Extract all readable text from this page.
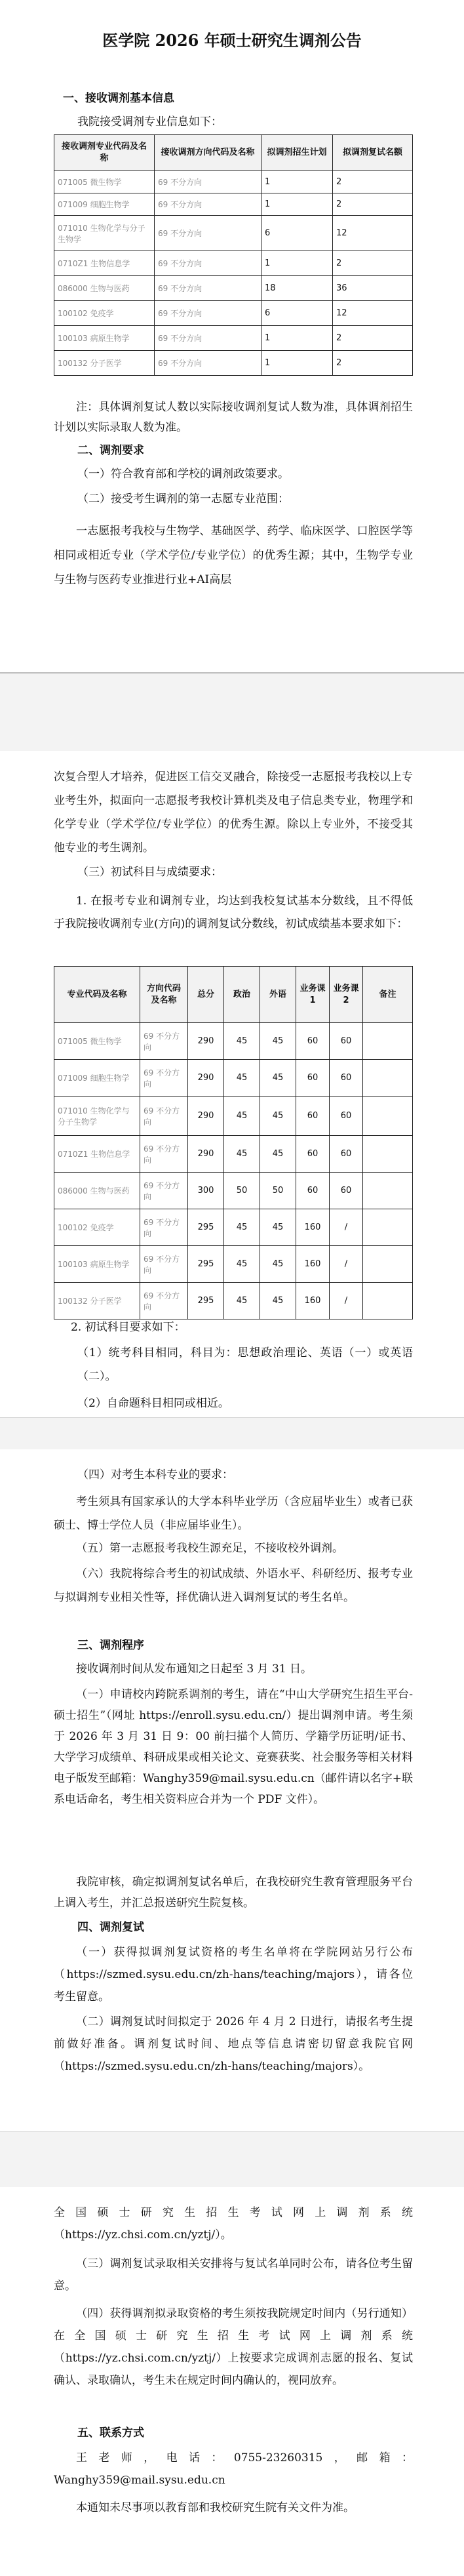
医学院 2026 年硕士研究生调剂公告
一、接收调剂基本信息
我院接受调剂专业信息如下：
接收调剂专业代码及名称	接收调剂方向代码及名称	拟调剂招生计划	拟调剂复试名额
071005 微生物学	69 不分方向	1	2
071009 细胞生物学	69 不分方向	1	2
071010 生物化学与分子生物学	69 不分方向	6	12
0710Z1 生物信息学	69 不分方向	1	2
086000 生物与医药	69 不分方向	18	36
100102 免疫学	69 不分方向	6	12
100103 病原生物学	69 不分方向	1	2
100132 分子医学	69 不分方向	1	2
注：具体调剂复试人数以实际接收调剂复试人数为准，具体调剂招生计划以实际录取人数为准。
二、调剂要求
（一）符合教育部和学校的调剂政策要求。
（二）接受考生调剂的第一志愿专业范围：
一志愿报考我校与生物学、基础医学、药学、临床医学、口腔医学等相同或相近专业（学术学位/专业学位）的优秀生源；其中，生物学专业与生物与医药专业推进行业+AI高层
次复合型人才培养，促进医工信交叉融合，除接受一志愿报考我校以上专业考生外，拟面向一志愿报考我校计算机类及电子信息类专业，物理学和化学专业（学术学位/专业学位）的优秀生源。除以上专业外，不接受其他专业的考生调剂。
（三）初试科目与成绩要求：
1. 在报考专业和调剂专业，均达到我校复试基本分数线，且不得低于我院接收调剂专业(方向)的调剂复试分数线，初试成绩基本要求如下：
专业代码及名称	方向代码及名称	总分	政治	外语	业务课1	业务课2	备注
071005 微生物学	69 不分方向	290	45	45	60	60	
071009 细胞生物学	69 不分方向	290	45	45	60	60	
071010 生物化学与分子生物学	69 不分方向	290	45	45	60	60	
0710Z1 生物信息学	69 不分方向	290	45	45	60	60	
086000 生物与医药	69 不分方向	300	50	50	60	60	
100102 免疫学	69 不分方向	295	45	45	160	/	
100103 病原生物学	69 不分方向	295	45	45	160	/	
100132 分子医学	69 不分方向	295	45	45	160	/	
2. 初试科目要求如下：
（1）统考科目相同，科目为：思想政治理论、英语（一）或英语（二）。
（2）自命题科目相同或相近。
（四）对考生本科专业的要求：
考生须具有国家承认的大学本科毕业学历（含应届毕业生）或者已获硕士、博士学位人员（非应届毕业生）。
（五）第一志愿报考我校生源充足，不接收校外调剂。
（六）我院将综合考生的初试成绩、外语水平、科研经历、报考专业与拟调剂专业相关性等，择优确认进入调剂复试的考生名单。
三、调剂程序
接收调剂时间从发布通知之日起至 3 月 31 日。
（一）申请校内跨院系调剂的考生，请在“中山大学研究生招生平台-硕士招生”（网址 https://enroll.sysu.edu.cn/）提出调剂申请。考生须于 2026 年 3 月 31 日 9：00 前扫描个人简历、学籍学历证明/证书、大学学习成绩单、科研成果或相关论文、竞赛获奖、社会服务等相关材料电子版发至邮箱：Wanghy359@mail.sysu.edu.cn（邮件请以名字+联系电话命名，考生相关资料应合并为一个 PDF 文件）。
我院审核，确定拟调剂复试名单后，在我校研究生教育管理服务平台上调入考生，并汇总报送研究生院复核。
四、调剂复试
（一）获得拟调剂复试资格的考生名单将在学院网站另行公布（https://szmed.sysu.edu.cn/zh-hans/teaching/majors），请各位考生留意。
（二）调剂复试时间拟定于 2026 年 4 月 2 日进行，请报名考生提前做好准备。调剂复试时间、地点等信息请密切留意我院官网（https://szmed.sysu.edu.cn/zh-hans/teaching/majors）。
全国硕士研究生招生考试网上调剂系统（https://yz.chsi.com.cn/yztj/）。
（三）调剂复试录取相关安排将与复试名单同时公布，请各位考生留意。
（四）获得调剂拟录取资格的考生须按我院规定时间内（另行通知）在全国硕士研究生招生考试网上调剂系统（https://yz.chsi.com.cn/yztj/）上按要求完成调剂志愿的报名、复试确认、录取确认，考生未在规定时间内确认的，视同放弃。
五、联系方式
王老师，电话：0755-23260315，邮箱：Wanghy359@mail.sysu.edu.cn
本通知未尽事项以教育部和我校研究生院有关文件为准。
